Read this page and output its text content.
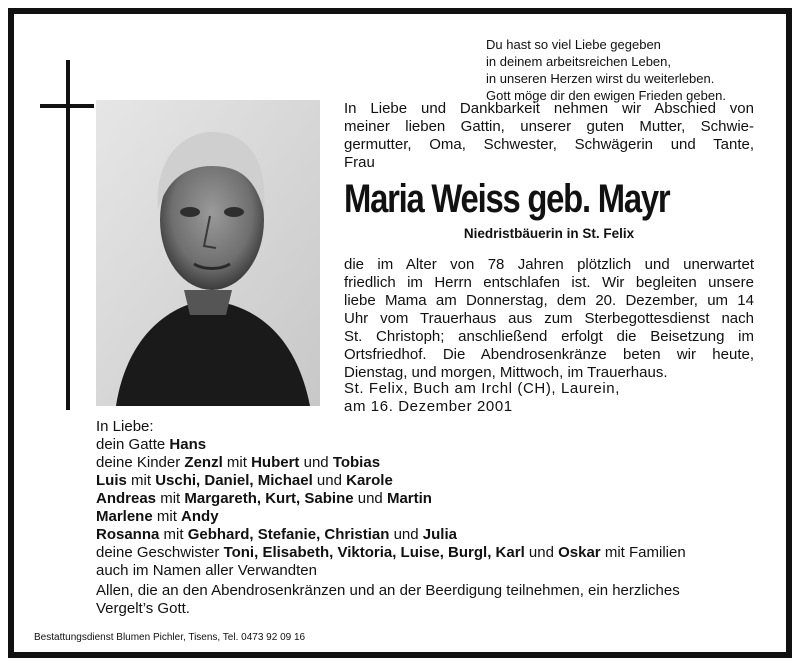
Du hast so viel Liebe gegeben
in deinem arbeitsreichen Leben,
in unseren Herzen wirst du weiterleben.
Gott möge dir den ewigen Frieden geben.
In Liebe und Dankbarkeit nehmen wir Abschied von
meiner lieben Gattin, unserer guten Mutter, Schwie-
germutter, Oma, Schwester, Schwägerin und Tante,
Frau
Maria Weiss geb. Mayr
Niedristbäuerin in St. Felix
die im Alter von 78 Jahren plötzlich und unerwartet
friedlich im Herrn entschlafen ist. Wir begleiten unsere
liebe Mama am Donnerstag, dem 20. Dezember, um 14
Uhr vom Trauerhaus aus zum Sterbegottesdienst nach
St. Christoph; anschließend erfolgt die Beisetzung im
Ortsfriedhof. Die Abendrosenkränze beten wir heute,
Dienstag, und morgen, Mittwoch, im Trauerhaus.
St. Felix, Buch am Irchl (CH), Laurein,
am 16. Dezember 2001
In Liebe:
dein Gatte Hans
deine Kinder Zenzl mit Hubert und Tobias
Luis mit Uschi, Daniel, Michael und Karole
Andreas mit Margareth, Kurt, Sabine und Martin
Marlene mit Andy
Rosanna mit Gebhard, Stefanie, Christian und Julia
deine Geschwister Toni, Elisabeth, Viktoria, Luise, Burgl, Karl und Oskar mit Familien
auch im Namen aller Verwandten
Allen, die an den Abendrosenkränzen und an der Beerdigung teilnehmen, ein herzliches
Vergelt’s Gott.
Bestattungsdienst Blumen Pichler, Tisens, Tel. 0473 92 09 16
